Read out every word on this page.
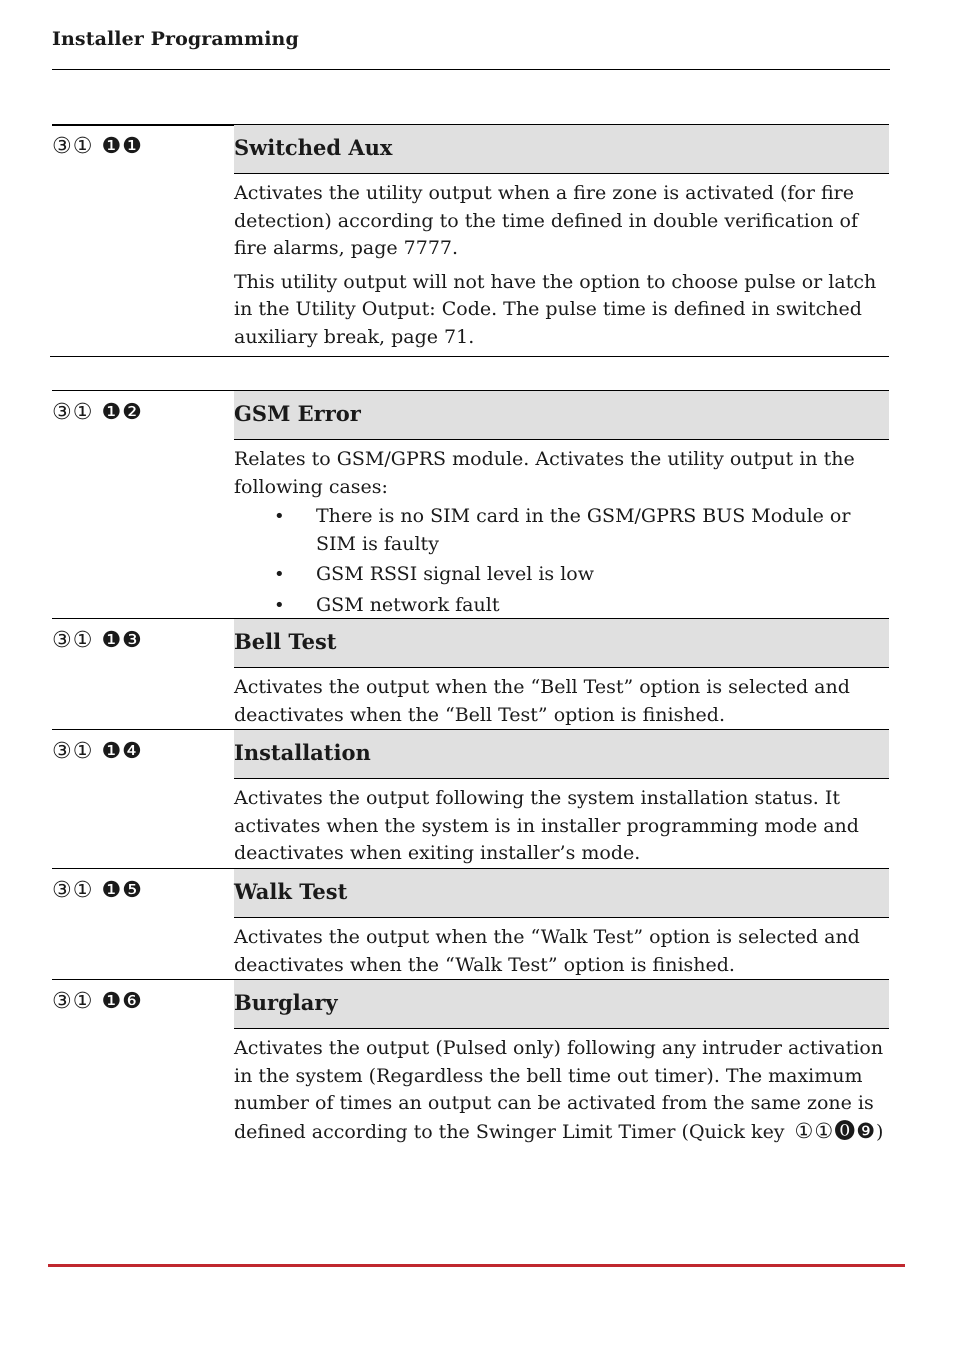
Installer Programming
③① ❶❶	Switched Aux

Activates the utility output when a fire zone is activated (for fire detection) according to the time defined in double verification of fire alarms, page 7777.

This utility output will not have the option to choose pulse or latch in the Utility Output: Code. The pulse time is defined in switched auxiliary break, page 71.

③① ❶❷	GSM Error

Relates to GSM/GPRS module. Activates the utility output in the following cases:

• There is no SIM card in the GSM/GPRS BUS Module or SIM is faulty
• GSM RSSI signal level is low
• GSM network fault
③① ❶❸	Bell Test

Activates the output when the “Bell Test” option is selected and deactivates when the “Bell Test” option is finished.

③① ❶❹	Installation

Activates the output following the system installation status. It activates when the system is in installer programming mode and deactivates when exiting installer’s mode.

③① ❶❺	Walk Test

Activates the output when the “Walk Test” option is selected and deactivates when the “Walk Test” option is finished.

③① ❶❻	Burglary

Activates the output (Pulsed only) following any intruder activation in the system (Regardless the bell time out timer). The maximum number of times an output can be activated from the same zone is defined according to the Swinger Limit Timer (Quick key ①①⓿❾)
